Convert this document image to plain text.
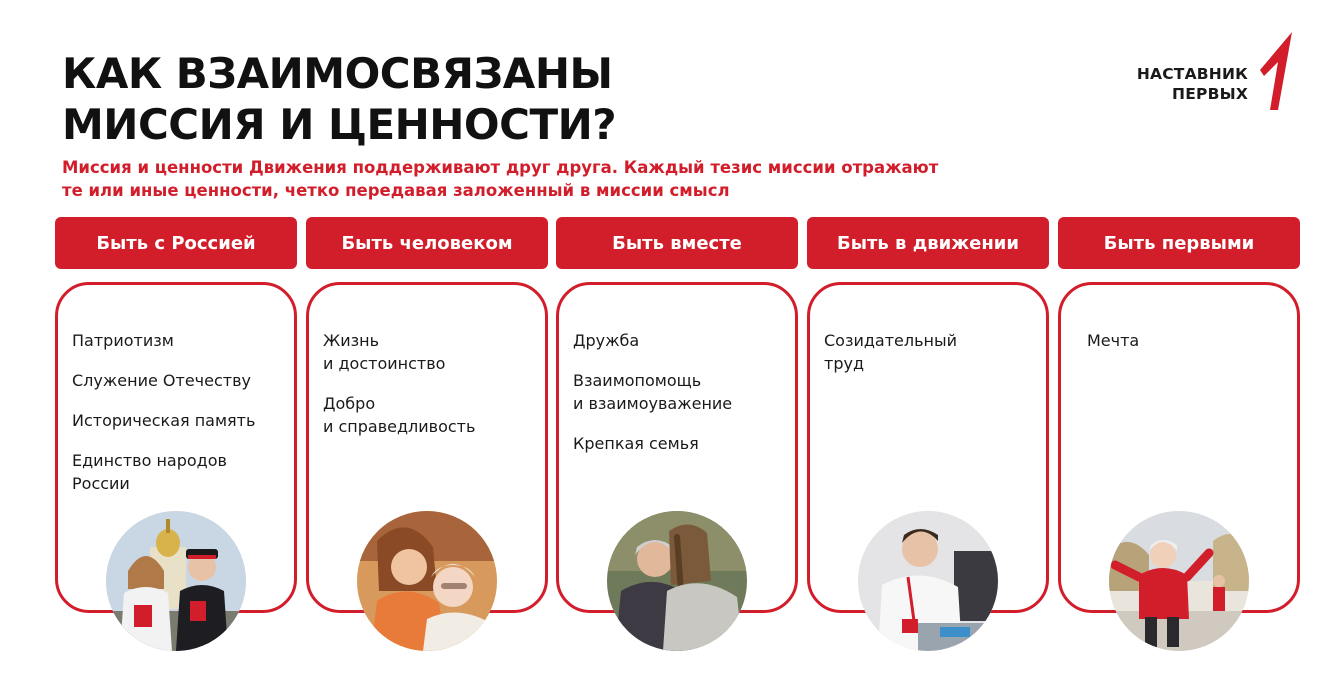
КАК ВЗАИМОСВЯЗАНЫ
МИССИЯ И ЦЕННОСТИ?

Миссия и ценности Движения поддерживают друг друга. Каждый тезис миссии отражают
те или иные ценности, четко передавая заложенный в миссии смысл

НАСТАВНИК
ПЕРВЫХ
Быть с Россией
Патриотизм
Служение Отечеству
Историческая память
Единство народов
России
Быть человеком
Жизнь
и достоинство
Добро
и справедливость
Быть вместе
Дружба
Взаимопомощь
и взаимоуважение
Крепкая семья
Быть в движении
Созидательный
труд
Быть первыми
Мечта
